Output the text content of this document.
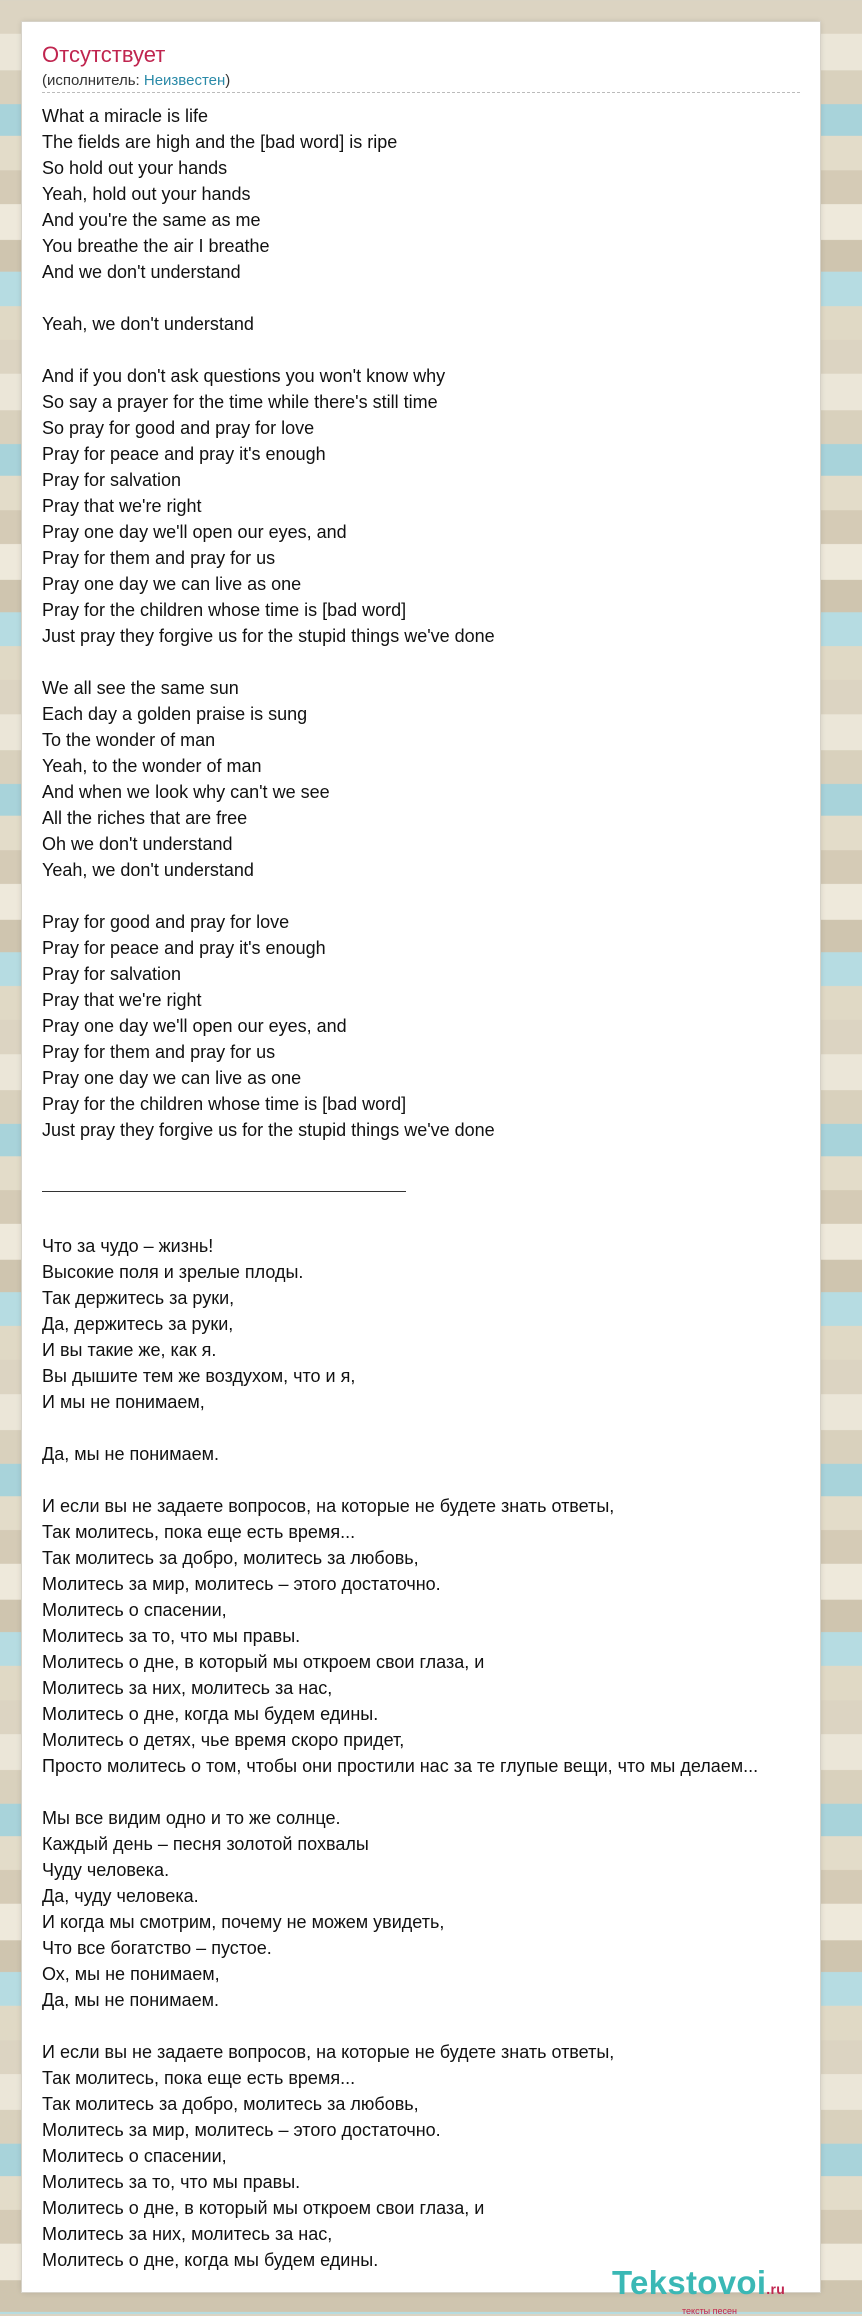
Отсутствует
(исполнитель: Неизвестен)
What a miracle is life
The fields are high and the [bad word] is ripe
So hold out your hands
Yeah, hold out your hands
And you're the same as me
You breathe the air I breathe
And we don't understand
Yeah, we don't understand
And if you don't ask questions you won't know why
So say a prayer for the time while there's still time
So pray for good and pray for love
Pray for peace and pray it's enough
Pray for salvation
Pray that we're right
Pray one day we'll open our eyes, and
Pray for them and pray for us
Pray one day we can live as one
Pray for the children whose time is [bad word]
Just pray they forgive us for the stupid things we've done
We all see the same sun
Each day a golden praise is sung
To the wonder of man
Yeah, to the wonder of man
And when we look why can't we see
All the riches that are free
Oh we don't understand
Yeah, we don't understand
Pray for good and pray for love
Pray for peace and pray it's enough
Pray for salvation
Pray that we're right
Pray one day we'll open our eyes, and
Pray for them and pray for us
Pray one day we can live as one
Pray for the children whose time is [bad word]
Just pray they forgive us for the stupid things we've done
Что за чудо – жизнь!
Высокие поля и зрелые плоды.
Так держитесь за руки,
Да, держитесь за руки,
И вы такие же, как я.
Вы дышите тем же воздухом, что и я,
И мы не понимаем,
Да, мы не понимаем.
И если вы не задаете вопросов, на которые не будете знать ответы,
Так молитесь, пока еще есть время...
Так молитесь за добро, молитесь за любовь,
Молитесь за мир, молитесь – этого достаточно.
Молитесь о спасении,
Молитесь за то, что мы правы.
Молитесь о дне, в который мы откроем свои глаза, и
Молитесь за них, молитесь за нас,
Молитесь о дне, когда мы будем едины.
Молитесь о детях, чье время скоро придет,
Просто молитесь о том, чтобы они простили нас за те глупые вещи, что мы делаем...
Мы все видим одно и то же солнце.
Каждый день – песня золотой похвалы
Чуду человека.
Да, чуду человека.
И когда мы смотрим, почему не можем увидеть,
Что все богатство – пустое.
Ох, мы не понимаем,
Да, мы не понимаем.
И если вы не задаете вопросов, на которые не будете знать ответы,
Так молитесь, пока еще есть время...
Так молитесь за добро, молитесь за любовь,
Молитесь за мир, молитесь – этого достаточно.
Молитесь о спасении,
Молитесь за то, что мы правы.
Молитесь о дне, в который мы откроем свои глаза, и
Молитесь за них, молитесь за нас,
Молитесь о дне, когда мы будем едины.
Tekstovoi.ru
тексты песен
